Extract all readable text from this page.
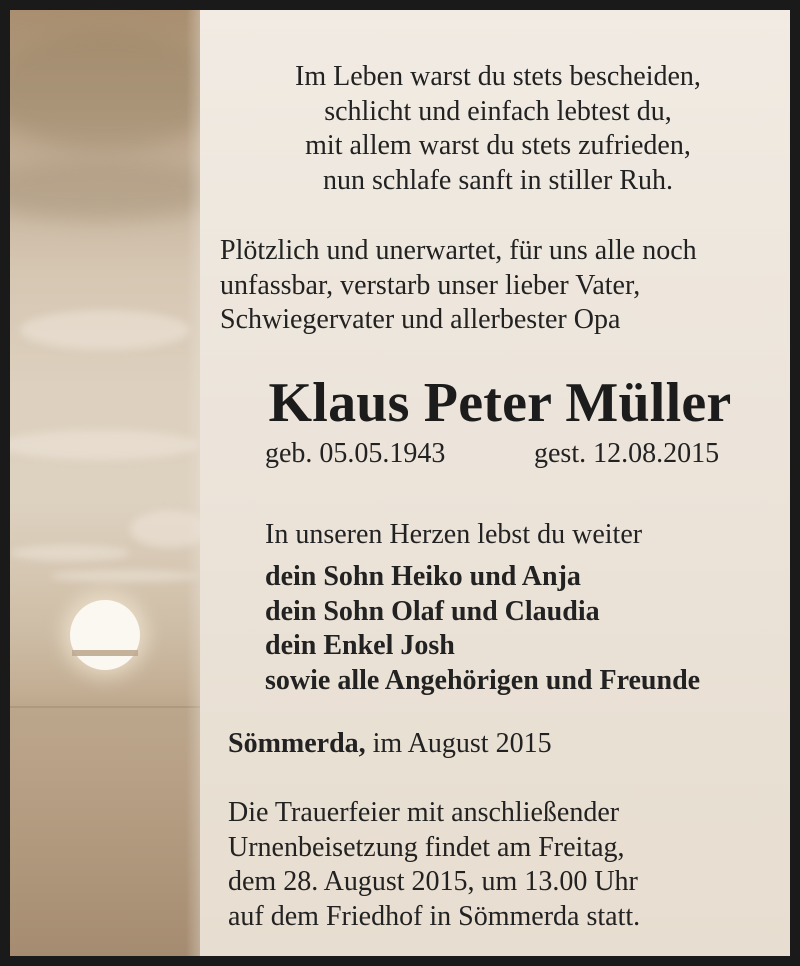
Im Leben warst du stets bescheiden,
schlicht und einfach lebtest du,
mit allem warst du stets zufrieden,
nun schlafe sanft in stiller Ruh.
Plötzlich und unerwartet, für uns alle noch
unfassbar, verstarb unser lieber Vater,
Schwiegervater und allerbester Opa
Klaus Peter Müller
geb. 05.05.1943	gest. 12.08.2015
In unseren Herzen lebst du weiter
dein Sohn Heiko und Anja
dein Sohn Olaf und Claudia
dein Enkel Josh
sowie alle Angehörigen und Freunde
Sömmerda, im August 2015
Die Trauerfeier mit anschließender
Urnenbeisetzung findet am Freitag,
dem 28. August 2015, um 13.00 Uhr
auf dem Friedhof in Sömmerda statt.
